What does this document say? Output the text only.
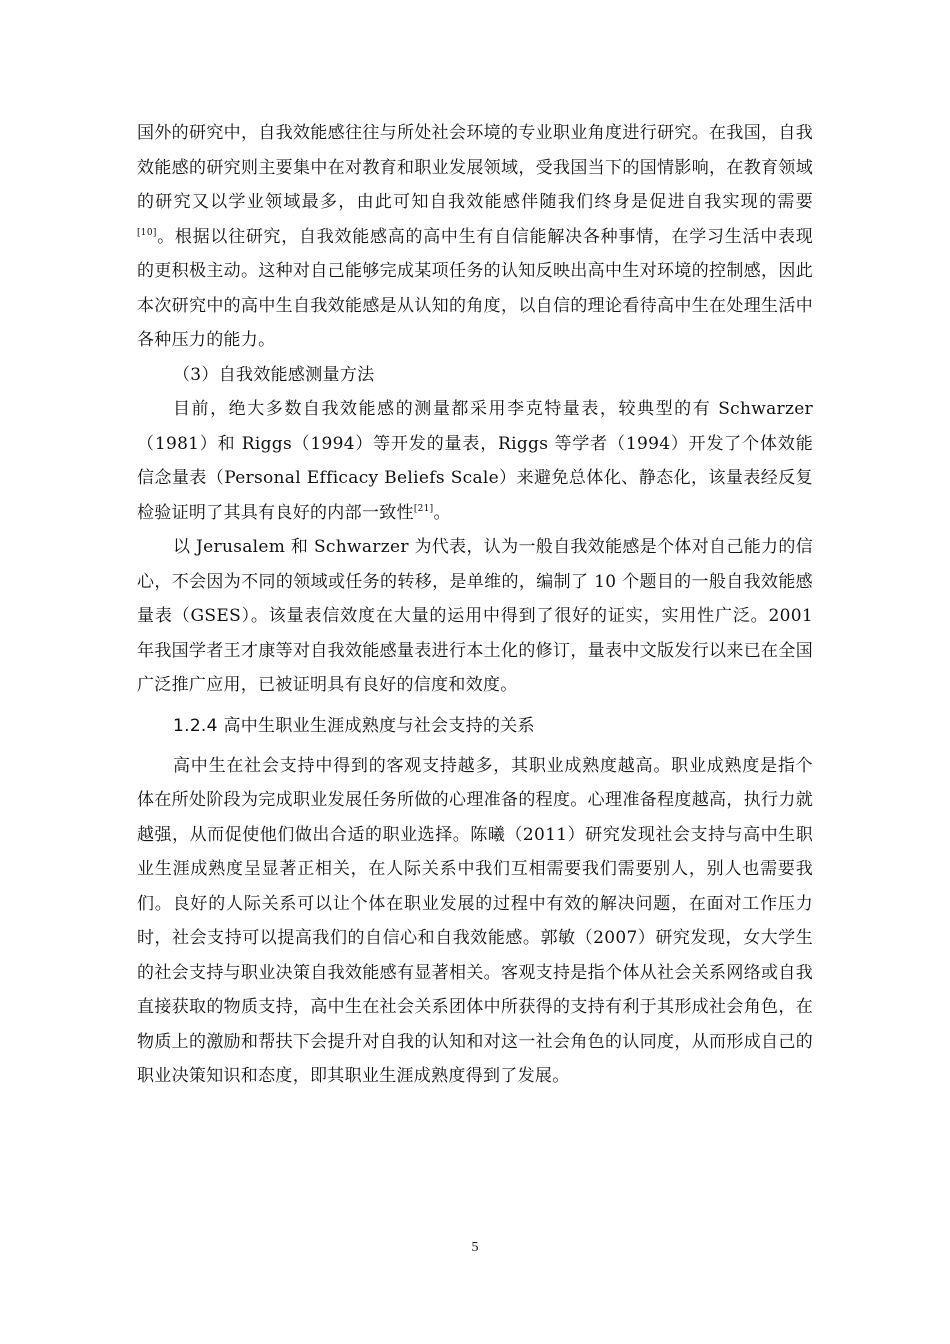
国外的研究中，自我效能感往往与所处社会环境的专业职业角度进行研究。在我国，自我效能感的研究则主要集中在对教育和职业发展领域，受我国当下的国情影响，在教育领域的研究又以学业领域最多，由此可知自我效能感伴随我们终身是促进自我实现的需要[10]。根据以往研究，自我效能感高的高中生有自信能解决各种事情，在学习生活中表现的更积极主动。这种对自己能够完成某项任务的认知反映出高中生对环境的控制感，因此本次研究中的高中生自我效能感是从认知的角度，以自信的理论看待高中生在处理生活中各种压力的能力。

（3）自我效能感测量方法

目前，绝大多数自我效能感的测量都采用李克特量表，较典型的有 Schwarzer（1981）和 Riggs（1994）等开发的量表，Riggs 等学者（1994）开发了个体效能信念量表（Personal Efficacy Beliefs Scale）来避免总体化、静态化，该量表经反复检验证明了其具有良好的内部一致性[21]。

以 Jerusalem 和 Schwarzer 为代表，认为一般自我效能感是个体对自己能力的信心，不会因为不同的领域或任务的转移，是单维的，编制了 10 个题目的一般自我效能感量表（GSES）。该量表信效度在大量的运用中得到了很好的证实，实用性广泛。2001 年我国学者王才康等对自我效能感量表进行本土化的修订，量表中文版发行以来已在全国广泛推广应用，已被证明具有良好的信度和效度。

1.2.4 高中生职业生涯成熟度与社会支持的关系

高中生在社会支持中得到的客观支持越多，其职业成熟度越高。职业成熟度是指个体在所处阶段为完成职业发展任务所做的心理准备的程度。心理准备程度越高，执行力就越强，从而促使他们做出合适的职业选择。陈曦（2011）研究发现社会支持与高中生职业生涯成熟度呈显著正相关，在人际关系中我们互相需要我们需要别人，别人也需要我们。良好的人际关系可以让个体在职业发展的过程中有效的解决问题，在面对工作压力时，社会支持可以提高我们的自信心和自我效能感。郭敏（2007）研究发现，女大学生的社会支持与职业决策自我效能感有显著相关。客观支持是指个体从社会关系网络或自我直接获取的物质支持，高中生在社会关系团体中所获得的支持有利于其形成社会角色，在物质上的激励和帮扶下会提升对自我的认知和对这一社会角色的认同度，从而形成自己的职业决策知识和态度，即其职业生涯成熟度得到了发展。

5
